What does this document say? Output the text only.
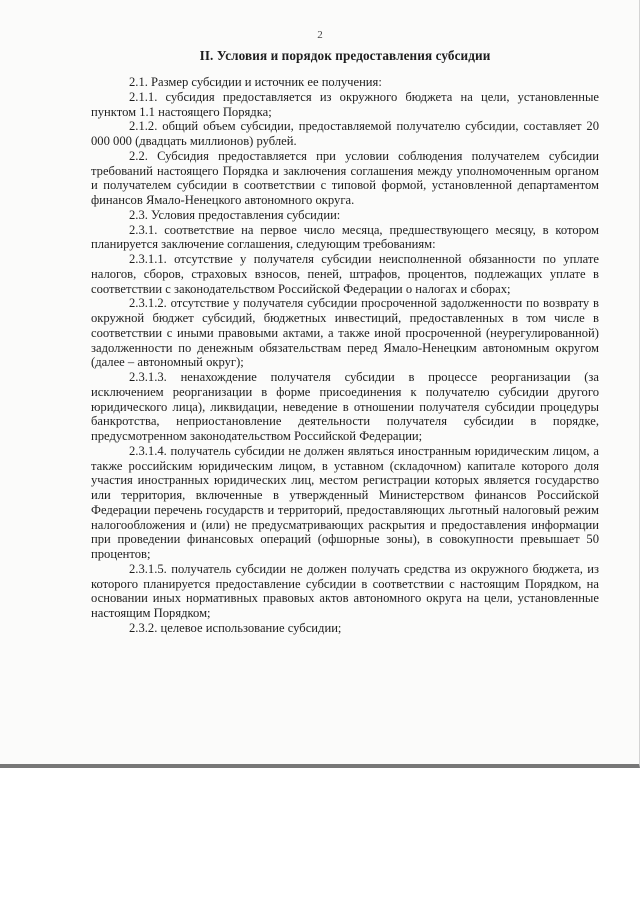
2
II. Условия и порядок предоставления субсидии

2.1. Размер субсидии и источник ее получения:

2.1.1. субсидия предоставляется из окружного бюджета на цели, установленные пунктом 1.1 настоящего Порядка;

2.1.2. общий объем субсидии, предоставляемой получателю субсидии, составляет 20 000 000 (двадцать миллионов) рублей.

2.2. Субсидия предоставляется при условии соблюдения получателем субсидии требований настоящего Порядка и заключения соглашения между уполномоченным органом и получателем субсидии в соответствии с типовой формой, установленной департаментом финансов Ямало-Ненецкого автономного округа.

2.3. Условия предоставления субсидии:

2.3.1. соответствие на первое число месяца, предшествующего месяцу, в котором планируется заключение соглашения, следующим требованиям:

2.3.1.1. отсутствие у получателя субсидии неисполненной обязанности по уплате налогов, сборов, страховых взносов, пеней, штрафов, процентов, подлежащих уплате в соответствии с законодательством Российской Федерации о налогах и сборах;

2.3.1.2. отсутствие у получателя субсидии просроченной задолженности по возврату в окружной бюджет субсидий, бюджетных инвестиций, предоставленных в том числе в соответствии с иными правовыми актами, а также иной просроченной (неурегулированной) задолженности по денежным обязательствам перед Ямало-Ненецким автономным округом (далее – автономный округ);

2.3.1.3. ненахождение получателя субсидии в процессе реорганизации (за исключением реорганизации в форме присоединения к получателю субсидии другого юридического лица), ликвидации, неведение в отношении получателя субсидии процедуры банкротства, неприостановление деятельности получателя субсидии в порядке, предусмотренном законодательством Российской Федерации;

2.3.1.4. получатель субсидии не должен являться иностранным юридическим лицом, а также российским юридическим лицом, в уставном (складочном) капитале которого доля участия иностранных юридических лиц, местом регистрации которых является государство или территория, включенные в утвержденный Министерством финансов Российской Федерации перечень государств и территорий, предоставляющих льготный налоговый режим налогообложения и (или) не предусматривающих раскрытия и предоставления информации при проведении финансовых операций (офшорные зоны), в совокупности превышает 50 процентов;

2.3.1.5. получатель субсидии не должен получать средства из окружного бюджета, из которого планируется предоставление субсидии в соответствии с настоящим Порядком, на основании иных нормативных правовых актов автономного округа на цели, установленные настоящим Порядком;

2.3.2. целевое использование субсидии;
